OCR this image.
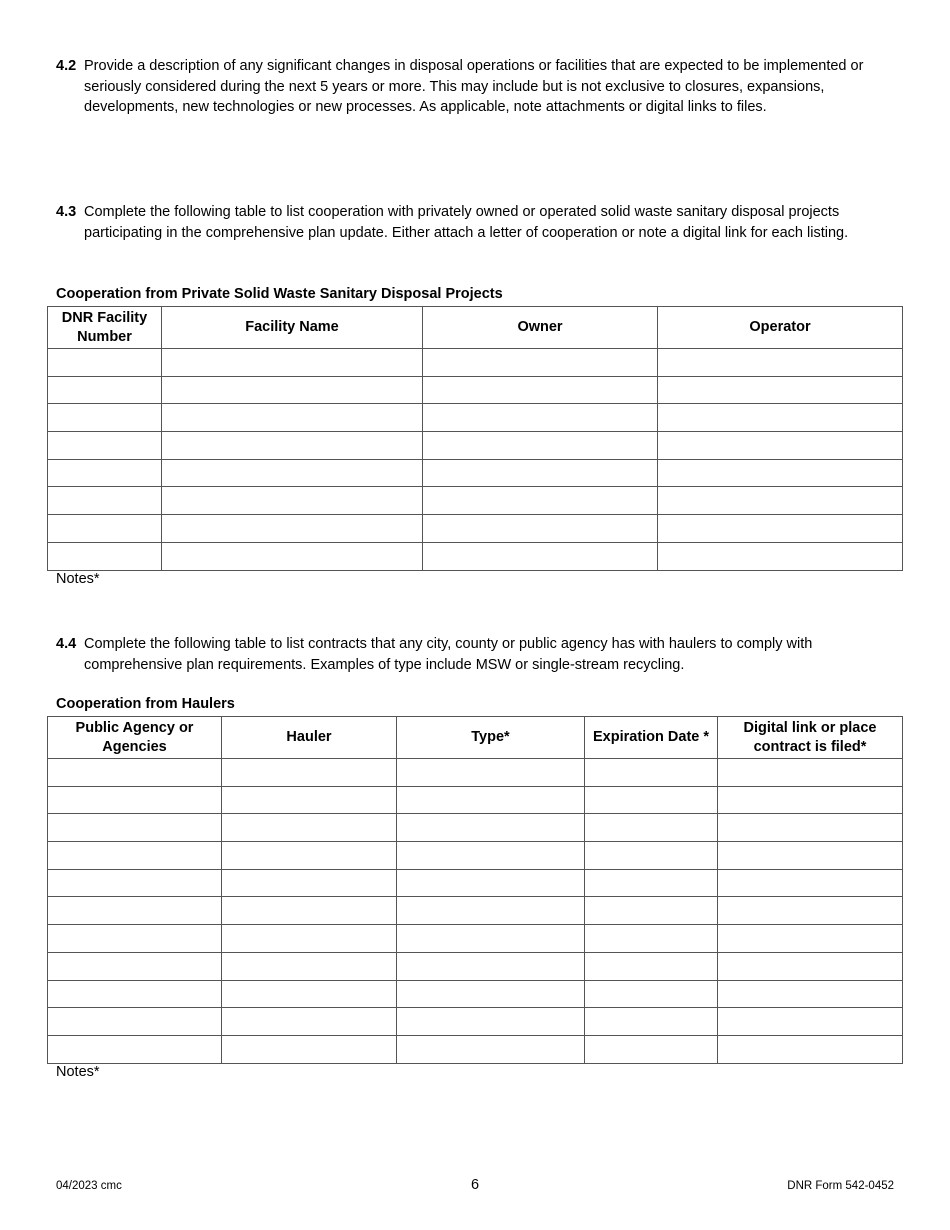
4.2 Provide a description of any significant changes in disposal operations or facilities that are expected to be implemented or seriously considered during the next 5 years or more. This may include but is not exclusive to closures, expansions, developments, new technologies or new processes. As applicable, note attachments or digital links to files.
4.3 Complete the following table to list cooperation with privately owned or operated solid waste sanitary disposal projects participating in the comprehensive plan update. Either attach a letter of cooperation or note a digital link for each listing.
Cooperation from Private Solid Waste Sanitary Disposal Projects
DNR Facility Number	Facility Name	Owner	Operator

Notes*
4.4 Complete the following table to list contracts that any city, county or public agency has with haulers to comply with comprehensive plan requirements. Examples of type include MSW or single-stream recycling.
Cooperation from Haulers
Public Agency or Agencies	Hauler	Type*	Expiration Date *	Digital link or place contract is filed*

Notes*
04/2023 cmc	6	DNR Form 542-0452
